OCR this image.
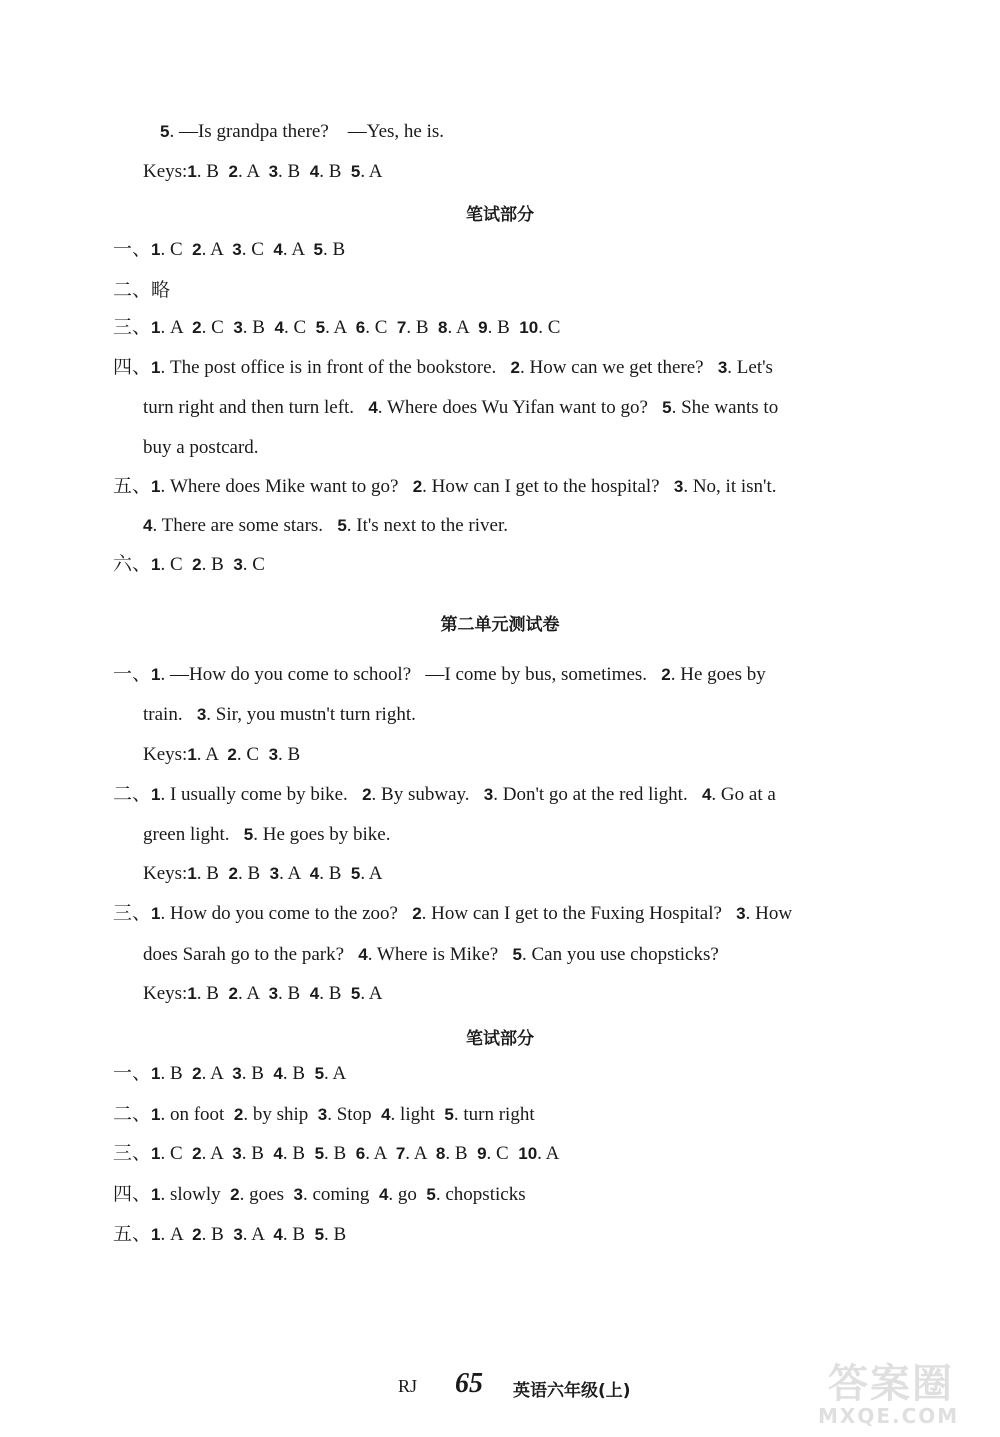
5. —Is grandpa there?    —Yes, he is.
Keys:1. B  2. A  3. B  4. B  5. A
笔试部分
一、1. C  2. A  3. C  4. A  5. B
二、略
三、1. A  2. C  3. B  4. C  5. A  6. C  7. B  8. A  9. B  10. C
四、1. The post office is in front of the bookstore.   2. How can we get there?   3. Let's
turn right and then turn left.   4. Where does Wu Yifan want to go?   5. She wants to
buy a postcard.
五、1. Where does Mike want to go?   2. How can I get to the hospital?   3. No, it isn't.
4. There are some stars.   5. It's next to the river.
六、1. C  2. B  3. C
第二单元测试卷
一、1. —How do you come to school?   —I come by bus, sometimes.   2. He goes by
train.   3. Sir, you mustn't turn right.
Keys:1. A  2. C  3. B
二、1. I usually come by bike.   2. By subway.   3. Don't go at the red light.   4. Go at a
green light.   5. He goes by bike.
Keys:1. B  2. B  3. A  4. B  5. A
三、1. How do you come to the zoo?   2. How can I get to the Fuxing Hospital?   3. How
does Sarah go to the park?   4. Where is Mike?   5. Can you use chopsticks?
Keys:1. B  2. A  3. B  4. B  5. A
笔试部分
一、1. B  2. A  3. B  4. B  5. A
二、1. on foot  2. by ship  3. Stop  4. light  5. turn right
三、1. C  2. A  3. B  4. B  5. B  6. A  7. A  8. B  9. C  10. A
四、1. slowly  2. goes  3. coming  4. go  5. chopsticks
五、1. A  2. B  3. A  4. B  5. B
RJ 65 英语六年级(上)	答案圈
MXQE.COM
